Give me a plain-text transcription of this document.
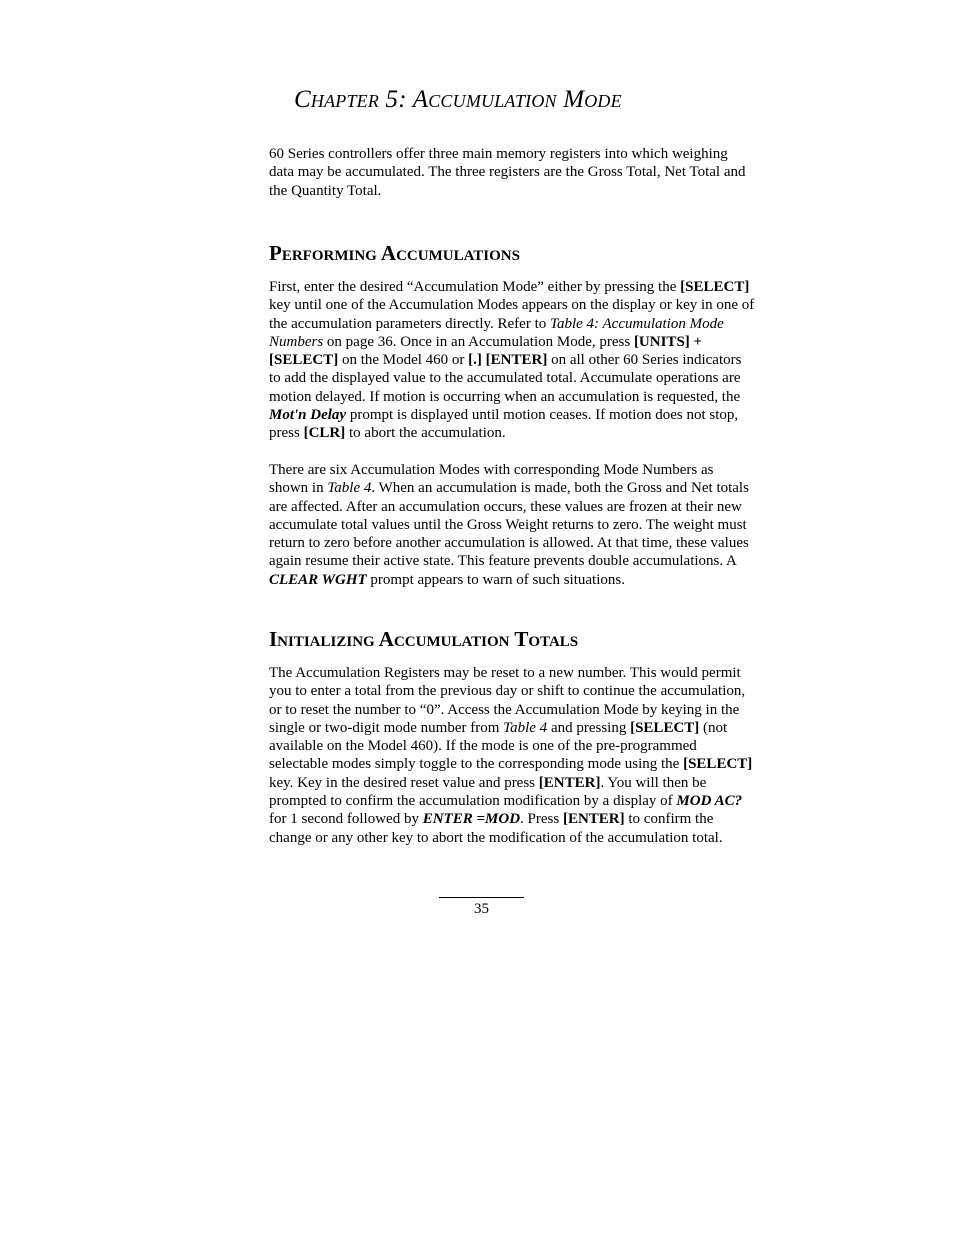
Chapter 5: Accumulation Mode

60 Series controllers offer three main memory registers into which weighing data may be accumulated. The three registers are the Gross Total, Net Total and the Quantity Total.

Performing Accumulations

First, enter the desired “Accumulation Mode” either by pressing the [SELECT] key until one of the Accumulation Modes appears on the display or key in one of the accumulation parameters directly. Refer to Table 4: Accumulation Mode Numbers on page 36. Once in an Accumulation Mode, press [UNITS] + [SELECT] on the Model 460 or [.] [ENTER] on all other 60 Series indicators to add the displayed value to the accumulated total. Accumulate operations are motion delayed. If motion is occurring when an accumulation is requested, the Mot'n Delay prompt is displayed until motion ceases. If motion does not stop, press [CLR] to abort the accumulation.

There are six Accumulation Modes with corresponding Mode Numbers as shown in Table 4. When an accumulation is made, both the Gross and Net totals are affected. After an accumulation occurs, these values are frozen at their new accumulate total values until the Gross Weight returns to zero. The weight must return to zero before another accumulation is allowed. At that time, these values again resume their active state. This feature prevents double accumulations. A CLEAR WGHT prompt appears to warn of such situations.

Initializing Accumulation Totals

The Accumulation Registers may be reset to a new number. This would permit you to enter a total from the previous day or shift to continue the accumulation, or to reset the number to “0”. Access the Accumulation Mode by keying in the single or two-digit mode number from Table 4 and pressing [SELECT] (not available on the Model 460). If the mode is one of the pre-programmed selectable modes simply toggle to the corresponding mode using the [SELECT] key. Key in the desired reset value and press [ENTER]. You will then be prompted to confirm the accumulation modification by a display of MOD AC? for 1 second followed by ENTER =MOD. Press [ENTER] to confirm the change or any other key to abort the modification of the accumulation total.

35
